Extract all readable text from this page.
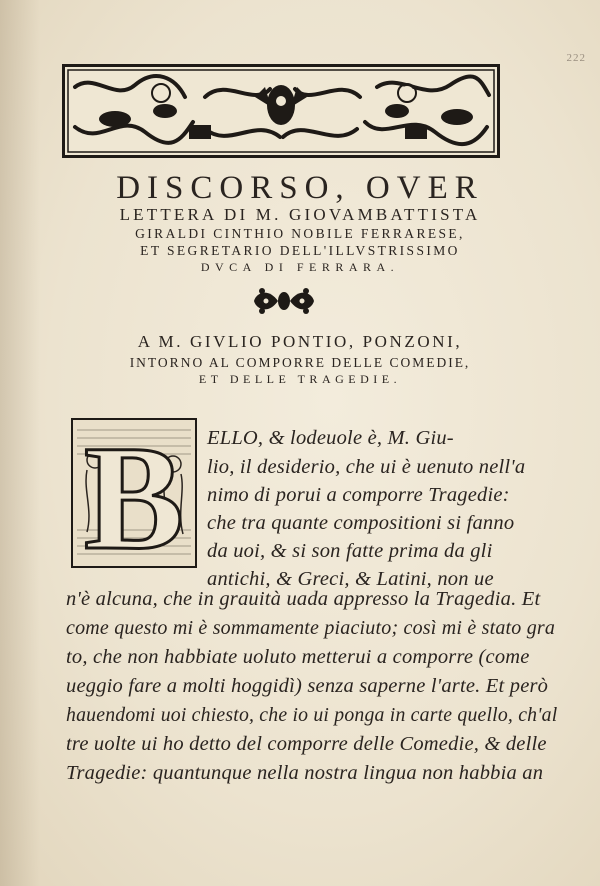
222
DISCORSO, OVER
LETTERA DI M. GIOVAMBATTISTA
GIRALDI CINTHIO NOBILE FERRARESE,
ET SEGRETARIO DELL'ILLVSTRISSIMO
DVCA DI FERRARA.
A M. GIVLIO PONTIO, PONZONI,
INTORNO AL COMPORRE DELLE COMEDIE,
ET DELLE TRAGEDIE.
B ELLO, & lodeuole è, M. Giu-
lio, il desiderio, che ui è uenuto nell'a
nimo di porui a comporre Tragedie:
che tra quante compositioni si fanno
da uoi, & si son fatte prima da gli
antichi, & Greci, & Latini, non ue
n'è alcuna, che in grauità uada appresso la Tragedia. Et
come questo mi è sommamente piaciuto; così mi è stato gra
to, che non habbiate uoluto metterui a comporre (come
ueggio fare a molti hoggidì) senza saperne l'arte. Et però
hauendomi uoi chiesto, che io ui ponga in carte quello, ch'al
tre uolte ui ho detto del comporre delle Comedie, & delle
Tragedie: quantunque nella nostra lingua non habbia an
